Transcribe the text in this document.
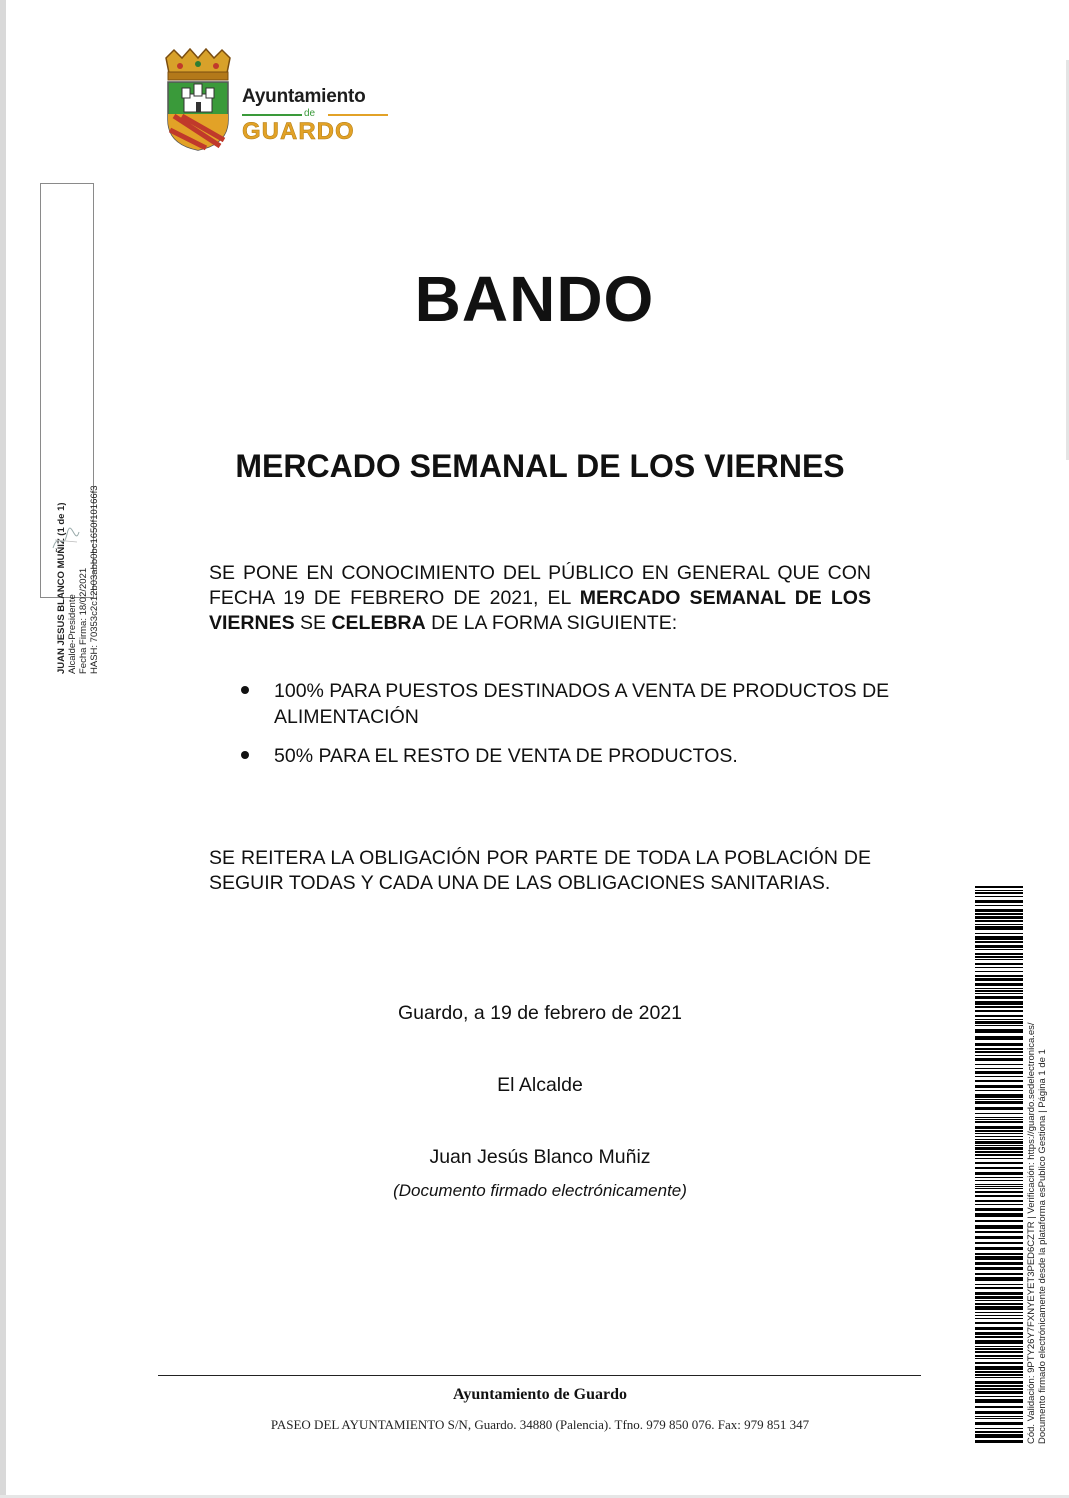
Ayuntamiento
de
GUARDO
JUAN JESUS BLANCO MUÑIZ (1 de 1) Alcalde-Presidente Fecha Firma: 18/02/2021 HASH: 70353c2c12b03abb0bc1650f10166f3
BANDO
MERCADO SEMANAL DE LOS VIERNES
SE PONE EN CONOCIMIENTO DEL PÚBLICO EN GENERAL QUE CON FECHA 19 DE FEBRERO DE 2021, EL MERCADO SEMANAL DE LOS VIERNES SE CELEBRA DE LA FORMA SIGUIENTE:
100% PARA PUESTOS DESTINADOS A VENTA DE PRODUCTOS DE ALIMENTACIÓN
50% PARA EL RESTO DE VENTA DE PRODUCTOS.
SE REITERA LA OBLIGACIÓN POR PARTE DE TODA LA POBLACIÓN DE SEGUIR TODAS Y CADA UNA DE LAS OBLIGACIONES SANITARIAS.
Guardo, a 19 de febrero de 2021
El Alcalde
Juan Jesús Blanco Muñiz
(Documento firmado electrónicamente)
Ayuntamiento de Guardo
PASEO DEL AYUNTAMIENTO S/N, Guardo. 34880 (Palencia). Tfno. 979 850 076. Fax: 979 851 347	Cód. Validación: 9PTY26Y7FXNYEYET3PED6CZTR | Verificación: https://guardo.sedelectronica.es/ Documento firmado electrónicamente desde la plataforma esPublico Gestiona | Página 1 de 1
